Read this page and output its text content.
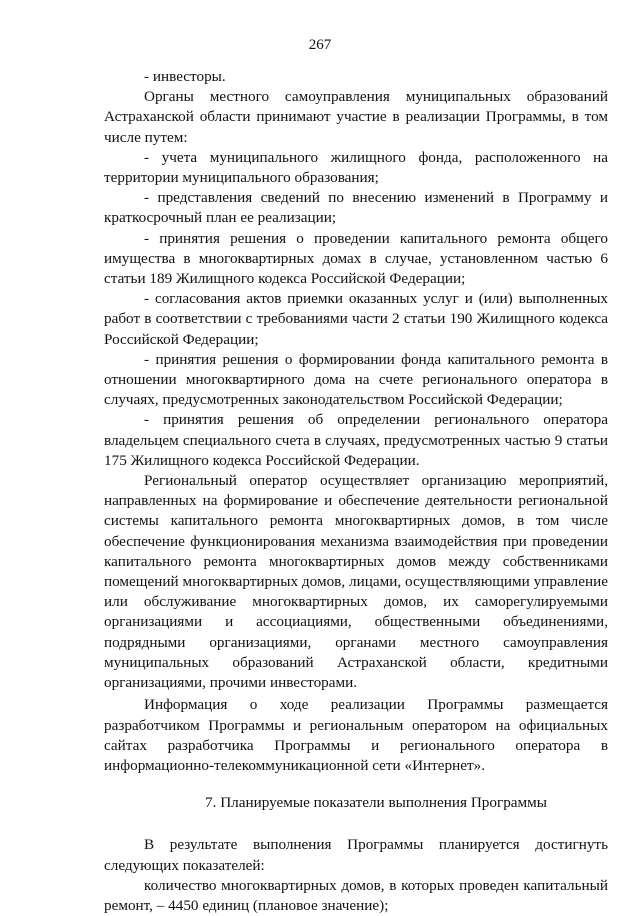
267

- инвесторы.

Органы местного самоуправления муниципальных образований Астраханской области принимают участие в реализации Программы, в том числе путем:

- учета муниципального жилищного фонда, расположенного на территории муниципального образования;

- представления сведений по внесению изменений в Программу и краткосрочный план ее реализации;

- принятия решения о проведении капитального ремонта общего имущества в многоквартирных домах в случае, установленном частью 6 статьи 189 Жилищного кодекса Российской Федерации;

- согласования актов приемки оказанных услуг и (или) выполненных работ в соответствии с требованиями части 2 статьи 190 Жилищного кодекса Российской Федерации;

- принятия решения о формировании фонда капитального ремонта в отношении многоквартирного дома на счете регионального оператора в случаях, предусмотренных законодательством Российской Федерации;

- принятия решения об определении регионального оператора владельцем специального счета в случаях, предусмотренных частью 9 статьи 175 Жилищного кодекса Российской Федерации.

Региональный оператор осуществляет организацию мероприятий, направленных на формирование и обеспечение деятельности региональной системы капитального ремонта многоквартирных домов, в том числе обеспечение функционирования механизма взаимодействия при проведении капитального ремонта многоквартирных домов между собственниками помещений многоквартирных домов, лицами, осуществляющими управление или обслуживание многоквартирных домов, их саморегулируемыми организациями и ассоциациями, общественными объединениями, подрядными организациями, органами местного самоуправления муниципальных образований Астраханской области, кредитными организациями, прочими инвесторами.

Информация о ходе реализации Программы размещается разработчиком Программы и региональным оператором на официальных сайтах разработчика Программы и регионального оператора в информационно-телекоммуникационной сети «Интернет».

7. Планируемые показатели выполнения Программы

В результате выполнения Программы планируется достигнуть следующих показателей:

количество многоквартирных домов, в которых проведен капитальный ремонт, – 4450 единиц (плановое значение);
